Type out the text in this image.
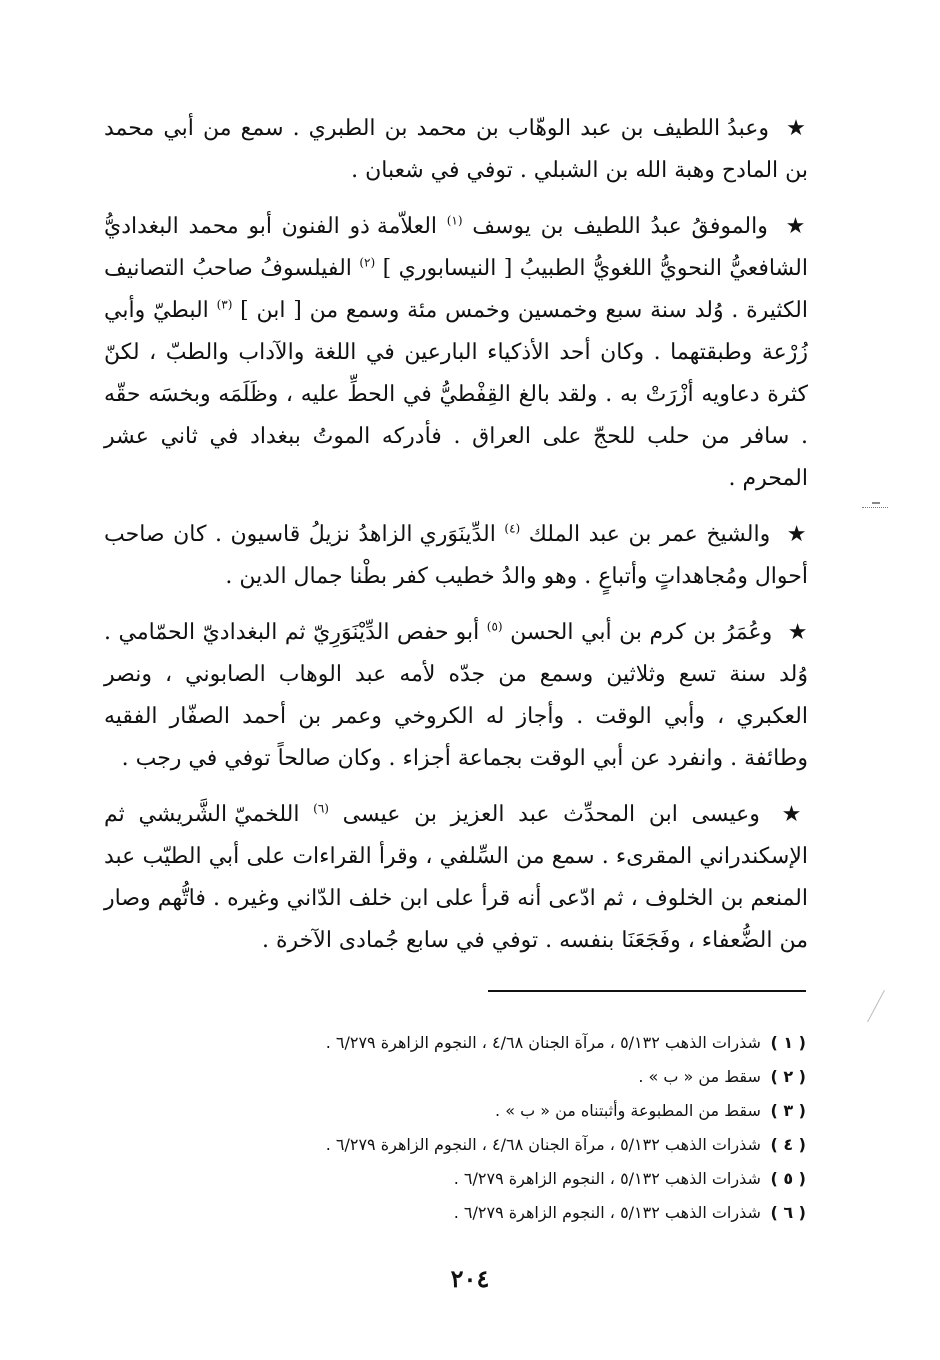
★ وعبدُ اللطيف بن عبد الوهّاب بن محمد بن الطبري . سمع من أبي محمد بن المادح وهبة الله بن الشبلي . توفي في شعبان .

★ والموفقُ عبدُ اللطيف بن يوسف $^{(١)}$ العلاّمة ذو الفنون أبو محمد البغداديُّ الشافعيُّ النحويُّ اللغويُّ الطبيبُ [ النيسابوري ] $^{(٢)}$ الفيلسوفُ صاحبُ التصانيف الكثيرة . وُلد سنة سبع وخمسين وخمس مئة وسمع من [ ابن ] $^{(٣)}$ البطيّ وأبي زُرْعة وطبقتهما . وكان أحد الأذكياء البارعين في اللغة والآداب والطبّ ، لكنّ كثرة دعاويه أزْرَتْ به . ولقد بالغ القِفْطيُّ في الحطِّ عليه ، وظَلَمَه وبخسَه حقّه . سافر من حلب للحجّ على العراق . فأدركه الموتُ ببغداد في ثاني عشر المحرم .

★ والشيخ عمر بن عبد الملك $^{(٤)}$ الدِّينَوَري الزاهدُ نزيلُ قاسيون . كان صاحب أحوال ومُجاهداتٍ وأتباعٍ . وهو والدُ خطيب كفر بطْنا جمال الدين .

★ وعُمَرُ بن كرم بن أبي الحسن $^{(٥)}$ أبو حفص الدِّيْنَوَرِيّ ثم البغداديّ الحمّامي . وُلد سنة تسع وثلاثين وسمع من جدّه لأمه عبد الوهاب الصابوني ، ونصر العكبري ، وأبي الوقت . وأجاز له الكروخي وعمر بن أحمد الصفّار الفقيه وطائفة . وانفرد عن أبي الوقت بجماعة أجزاء . وكان صالحاً توفي في رجب .

★ وعيسى ابن المحدِّث عبد العزيز بن عيسى $^{(٦)}$ اللخميّ الشَّريشي ثم الإسكندراني المقرىء . سمع من السِّلفي ، وقرأ القراءات على أبي الطيّب عبد المنعم بن الخلوف ، ثم ادّعى أنه قرأ على ابن خلف الدّاني وغيره . فاتُّهم وصار من الضُّعفاء ، وفَجَعَنَا بنفسه . توفي في سابع جُمادى الآخرة .

( ١ ) شذرات الذهب ٥/١٣٢ ، مرآة الجنان ٤/٦٨ ، النجوم الزاهرة ٦/٢٧٩ .
( ٢ ) سقط من « ب » .
( ٣ ) سقط من المطبوعة وأثبتناه من « ب » .
( ٤ ) شذرات الذهب ٥/١٣٢ ، مرآة الجنان ٤/٦٨ ، النجوم الزاهرة ٦/٢٧٩ .
( ٥ ) شذرات الذهب ٥/١٣٢ ، النجوم الزاهرة ٦/٢٧٩ .
( ٦ ) شذرات الذهب ٥/١٣٢ ، النجوم الزاهرة ٦/٢٧٩ .
٢٠٤
